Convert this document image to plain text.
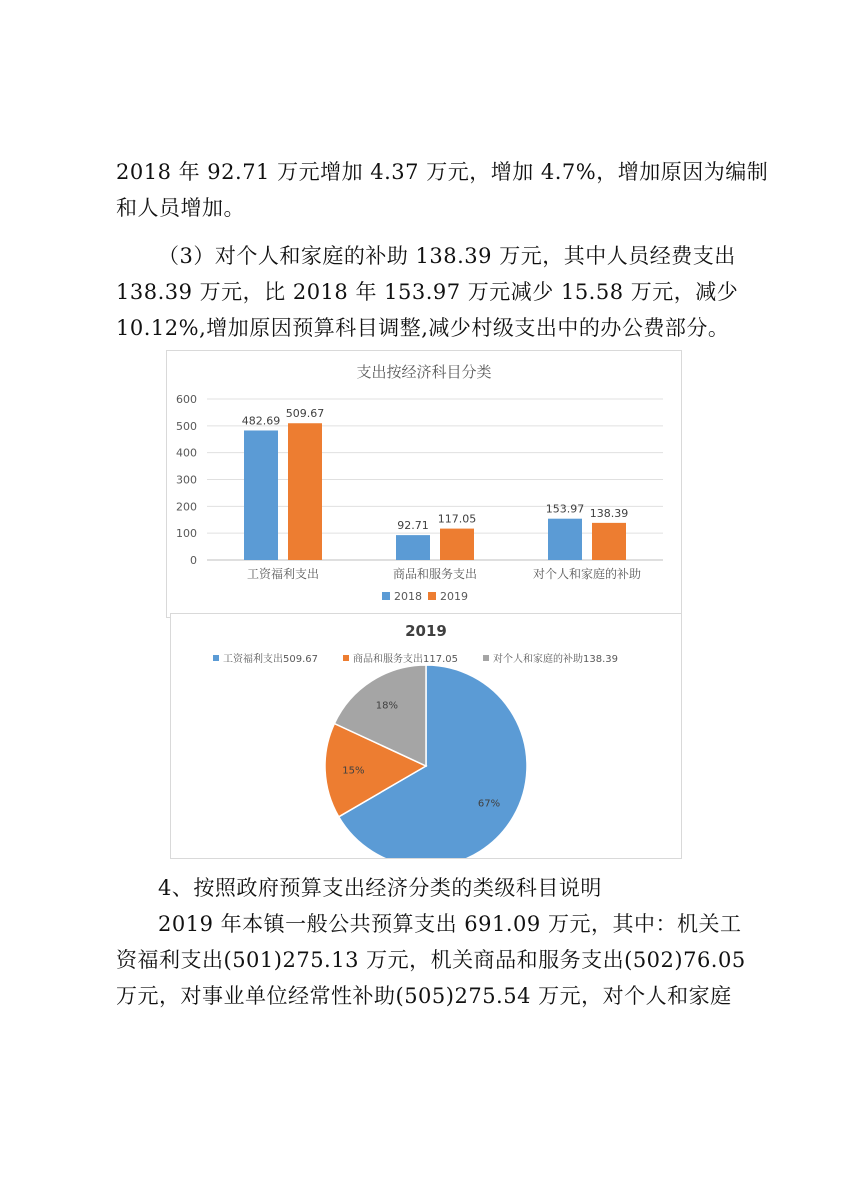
2018 年 92.71 万元增加 4.37 万元，增加 4.7%，增加原因为编制
和人员增加。
（3）对个人和家庭的补助 138.39 万元，其中人员经费支出
138.39 万元，比 2018 年 153.97 万元减少 15.58 万元，减少
10.12%,增加原因预算科目调整,减少村级支出中的办公费部分。
支出按经济科目分类
0
100
200
300
400
500
600
482.69
509.67
工资福利支出
92.71
117.05
商品和服务支出
153.97 138.39
对个人和家庭的补助
2018 2019
2019
工资福利支出509.67	商品和服务支出117.05	对个人和家庭的补助138.39
67%
15%
18%
4、按照政府预算支出经济分类的类级科目说明
2019 年本镇一般公共预算支出 691.09 万元，其中：机关工
资福利支出(501)275.13 万元，机关商品和服务支出(502)76.05
万元，对事业单位经常性补助(505)275.54 万元，对个人和家庭
